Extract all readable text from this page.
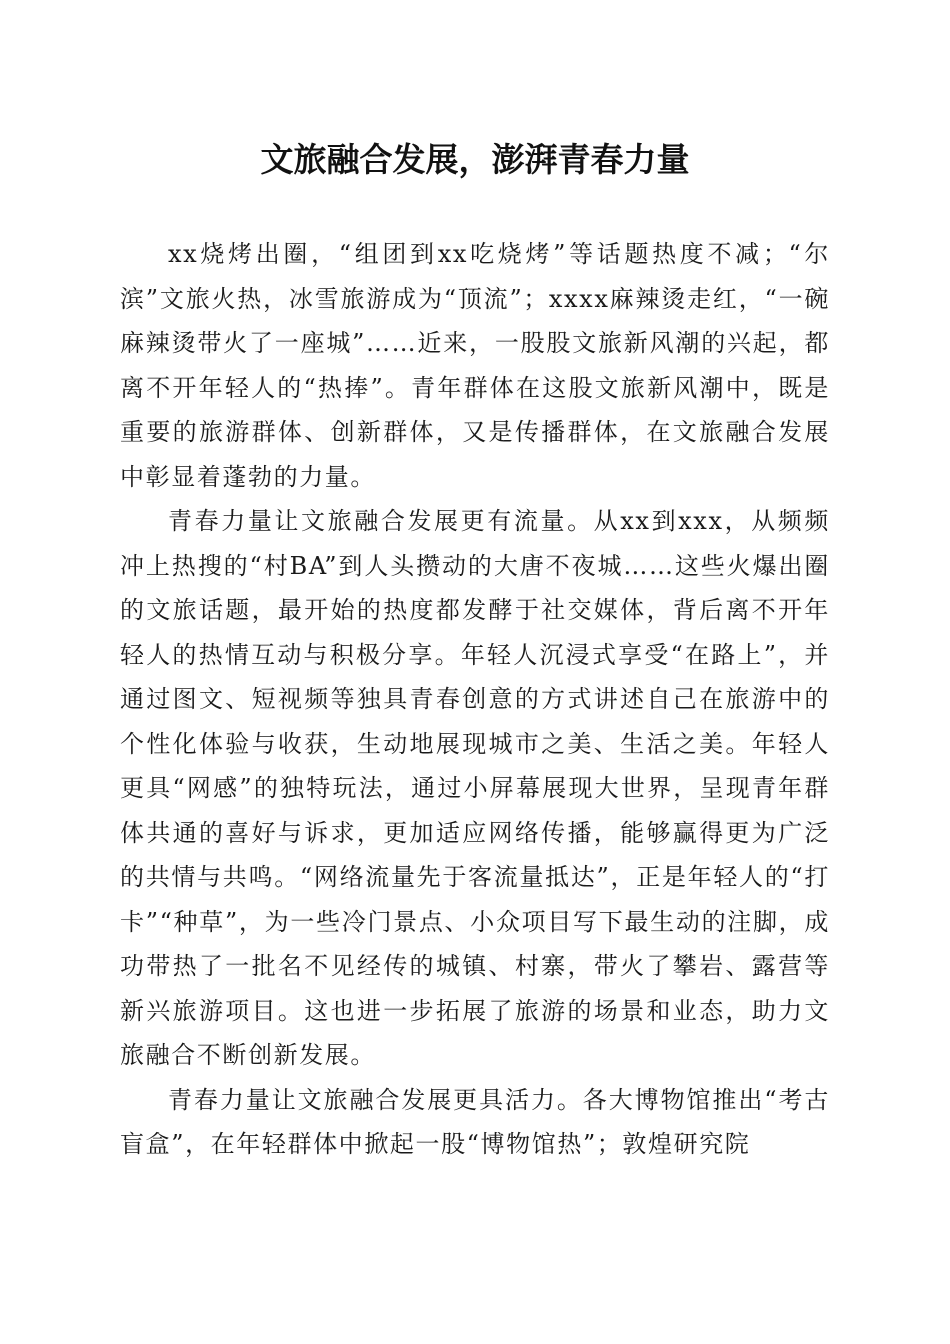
文旅融合发展，澎湃青春力量

xx烧烤出圈，“组团到xx吃烧烤”等话题热度不减；“尔滨”文旅火热，冰雪旅游成为“顶流”；xxxx麻辣烫走红，“一碗麻辣烫带火了一座城”……近来，一股股文旅新风潮的兴起，都离不开年轻人的“热捧”。青年群体在这股文旅新风潮中，既是重要的旅游群体、创新群体，又是传播群体，在文旅融合发展中彰显着蓬勃的力量。

青春力量让文旅融合发展更有流量。从xx到xxx，从频频冲上热搜的“村BA”到人头攒动的大唐不夜城……这些火爆出圈的文旅话题，最开始的热度都发酵于社交媒体，背后离不开年轻人的热情互动与积极分享。年轻人沉浸式享受“在路上”，并通过图文、短视频等独具青春创意的方式讲述自己在旅游中的个性化体验与收获，生动地展现城市之美、生活之美。年轻人更具“网感”的独特玩法，通过小屏幕展现大世界，呈现青年群体共通的喜好与诉求，更加适应网络传播，能够赢得更为广泛的共情与共鸣。“网络流量先于客流量抵达”，正是年轻人的“打卡”“种草”，为一些冷门景点、小众项目写下最生动的注脚，成功带热了一批名不见经传的城镇、村寨，带火了攀岩、露营等新兴旅游项目。这也进一步拓展了旅游的场景和业态，助力文旅融合不断创新发展。

青春力量让文旅融合发展更具活力。各大博物馆推出“考古盲盒”，在年轻群体中掀起一股“博物馆热”；敦煌研究院
